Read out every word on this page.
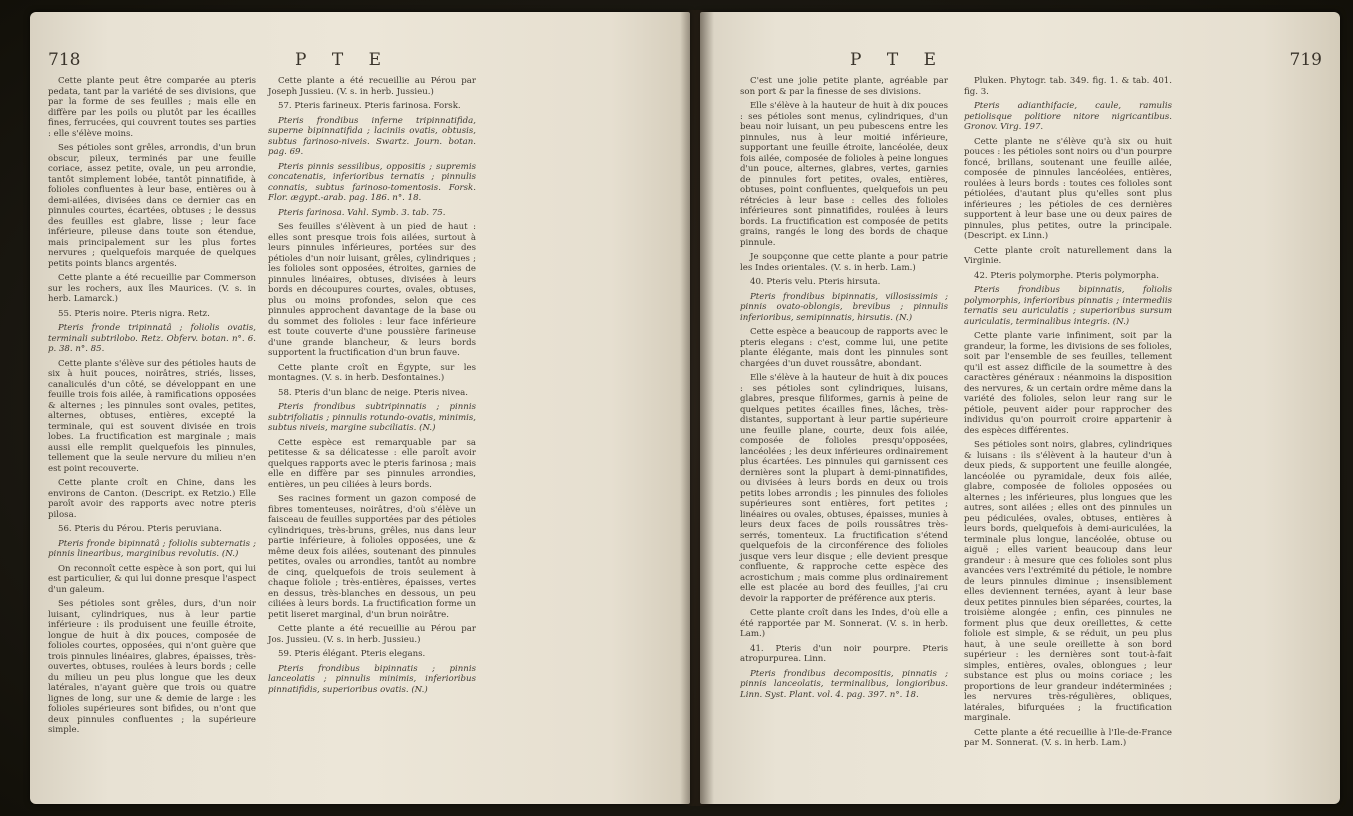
718	P T E

Cette plante peut être comparée au pteris pedata, tant par la variété de ses divisions, que par la forme de ses feuilles ; mais elle en diffère par les poils ou plutôt par les écailles fines, ferrucées, qui couvrent toutes ses parties : elle s'élève moins.

Ses pétioles sont grêles, arrondis, d'un brun obscur, pileux, terminés par une feuille coriace, assez petite, ovale, un peu arrondie, tantôt simplement lobée, tantôt pinnatifide, à folioles confluentes à leur base, entières ou à demi-ailées, divisées dans ce dernier cas en pinnules courtes, écartées, obtuses ; le dessus des feuilles est glabre, lisse ; leur face inférieure, pileuse dans toute son étendue, mais principalement sur les plus fortes nervures ; quelquefois marquée de quelques petits points blancs argentés.

Cette plante a été recueillie par Commerson sur les rochers, aux îles Maurices. (V. s. in herb. Lamarck.)

55. Pteris noire. Pteris nigra. Retz.

Pteris fronde tripinnatâ ; foliolis ovatis, terminali subtrilobo. Retz. Obferv. botan. n°. 6. p. 38. n°. 85.

Cette plante s'élève sur des pétioles hauts de six à huit pouces, noirâtres, striés, lisses, canaliculés d'un côté, se développant en une feuille trois fois ailée, à ramifications opposées & alternes ; les pinnules sont ovales, petites, alternes, obtuses, entières, excepté la terminale, qui est souvent divisée en trois lobes. La fructification est marginale ; mais aussi elle remplit quelquefois les pinnules, tellement que la seule nervure du milieu n'en est point recouverte.

Cette plante croît en Chine, dans les environs de Canton. (Descript. ex Retzio.) Elle paroît avoir des rapports avec notre pteris pilosa.

56. Pteris du Pérou. Pteris peruviana.

Pteris fronde bipinnatâ ; foliolis subternatis ; pinnis linearibus, marginibus revolutis. (N.)

On reconnoît cette espèce à son port, qui lui est particulier, & qui lui donne presque l'aspect d'un galeum.

Ses pétioles sont grêles, durs, d'un noir luisant, cylindriques, nus à leur partie inférieure : ils produisent une feuille étroite, longue de huit à dix pouces, composée de folioles courtes, opposées, qui n'ont guère que trois pinnules linéaires, glabres, épaisses, très-ouvertes, obtuses, roulées à leurs bords ; celle du milieu un peu plus longue que les deux latérales, n'ayant guère que trois ou quatre lignes de long, sur une & demie de large : les folioles supérieures sont bifides, ou n'ont que deux pinnules confluentes ; la supérieure simple.

Cette plante a été recueillie au Pérou par Joseph Jussieu. (V. s. in herb. Jussieu.)

57. Pteris farineux. Pteris farinosa. Forsk.

Pteris frondibus inferne tripinnatifida, superne bipinnatifida ; laciniis ovatis, obtusis, subtus farinoso-niveis. Swartz. Journ. botan. pag. 69.

Pteris pinnis sessilibus, oppositis ; supremis concatenatis, inferioribus ternatis ; pinnulis connatis, subtus farinoso-tomentosis. Forsk. Flor. ægypt.-arab. pag. 186. n°. 18.

Pteris farinosa. Vahl. Symb. 3. tab. 75.

Ses feuilles s'élèvent à un pied de haut : elles sont presque trois fois ailées, surtout à leurs pinnules inférieures, portées sur des pétioles d'un noir luisant, grêles, cylindriques ; les folioles sont opposées, étroites, garnies de pinnules linéaires, obtuses, divisées à leurs bords en découpures courtes, ovales, obtuses, plus ou moins profondes, selon que ces pinnules approchent davantage de la base ou du sommet des folioles : leur face inférieure est toute couverte d'une poussière farineuse d'une grande blancheur, & leurs bords supportent la fructification d'un brun fauve.

Cette plante croît en Égypte, sur les montagnes. (V. s. in herb. Desfontaines.)

58. Pteris d'un blanc de neige. Pteris nivea.

Pteris frondibus subtripinnatis ; pinnis subtrifoliatis ; pinnulis rotundo-ovatis, minimis, subtus niveis, margine subciliatis. (N.)

Cette espèce est remarquable par sa petitesse & sa délicatesse : elle paroît avoir quelques rapports avec le pteris farinosa ; mais elle en diffère par ses pinnules arrondies, entières, un peu ciliées à leurs bords.

Ses racines forment un gazon composé de fibres tomenteuses, noirâtres, d'où s'élève un faisceau de feuilles supportées par des pétioles cylindriques, très-bruns, grêles, nus dans leur partie inférieure, à folioles opposées, une & même deux fois ailées, soutenant des pinnules petites, ovales ou arrondies, tantôt au nombre de cinq, quelquefois de trois seulement à chaque foliole ; très-entières, épaisses, vertes en dessus, très-blanches en dessous, un peu ciliées à leurs bords. La fructification forme un petit liseret marginal, d'un brun noirâtre.

Cette plante a été recueillie au Pérou par Jos. Jussieu. (V. s. in herb. Jussieu.)

59. Pteris élégant. Pteris elegans.

Pteris frondibus bipinnatis ; pinnis lanceolatis ; pinnulis minimis, inferioribus pinnatifidis, superioribus ovatis. (N.)

P T E	719

C'est une jolie petite plante, agréable par son port & par la finesse de ses divisions.

Elle s'élève à la hauteur de huit à dix pouces : ses pétioles sont menus, cylindriques, d'un beau noir luisant, un peu pubescens entre les pinnules, nus à leur moitié inférieure, supportant une feuille étroite, lancéolée, deux fois ailée, composée de folioles à peine longues d'un pouce, alternes, glabres, vertes, garnies de pinnules fort petites, ovales, entières, obtuses, point confluentes, quelquefois un peu rétrécies à leur base : celles des folioles inférieures sont pinnatifides, roulées à leurs bords. La fructification est composée de petits grains, rangés le long des bords de chaque pinnule.

Je soupçonne que cette plante a pour patrie les Indes orientales. (V. s. in herb. Lam.)

40. Pteris velu. Pteris hirsuta.

Pteris frondibus bipinnatis, villosissimis ; pinnis ovato-oblongis, brevibus ; pinnulis inferioribus, semipinnatis, hirsutis. (N.)

Cette espèce a beaucoup de rapports avec le pteris elegans : c'est, comme lui, une petite plante élégante, mais dont les pinnules sont chargées d'un duvet roussâtre, abondant.

Elle s'élève à la hauteur de huit à dix pouces : ses pétioles sont cylindriques, luisans, glabres, presque filiformes, garnis à peine de quelques petites écailles fines, lâches, très-distantes, supportant à leur partie supérieure une feuille plane, courte, deux fois ailée, composée de folioles presqu'opposées, lancéolées ; les deux inférieures ordinairement plus écartées. Les pinnules qui garnissent ces dernières sont la plupart à demi-pinnatifides, ou divisées à leurs bords en deux ou trois petits lobes arrondis ; les pinnules des folioles supérieures sont entières, fort petites ; linéaires ou ovales, obtuses, épaisses, munies à leurs deux faces de poils roussâtres très-serrés, tomenteux. La fructification s'étend quelquefois de la circonférence des folioles jusque vers leur disque ; elle devient presque confluente, & rapproche cette espèce des acrostichum ; mais comme plus ordinairement elle est placée au bord des feuilles, j'ai cru devoir la rapporter de préférence aux pteris.

Cette plante croît dans les Indes, d'où elle a été rapportée par M. Sonnerat. (V. s. in herb. Lam.)

41. Pteris d'un noir pourpre. Pteris atropurpurea. Linn.

Pteris frondibus decompositis, pinnatis ; pinnis lanceolatis, terminalibus, longioribus. Linn. Syst. Plant. vol. 4. pag. 397. n°. 18.

Pluken. Phytogr. tab. 349. fig. 1. & tab. 401. fig. 3.

Pteris adianthifacie, caule, ramulis petiolisque politiore nitore nigricantibus. Gronov. Virg. 197.

Cette plante ne s'élève qu'à six ou huit pouces : les pétioles sont noirs ou d'un pourpre foncé, brillans, soutenant une feuille ailée, composée de pinnules lancéolées, entières, roulées à leurs bords : toutes ces folioles sont pétiolées, d'autant plus qu'elles sont plus inférieures ; les pétioles de ces dernières supportent à leur base une ou deux paires de pinnules, plus petites, outre la principale. (Descript. ex Linn.)

Cette plante croît naturellement dans la Virginie.

42. Pteris polymorphe. Pteris polymorpha.

Pteris frondibus bipinnatis, foliolis polymorphis, inferioribus pinnatis ; intermediis ternatis seu auriculatis ; superioribus sursum auriculatis, terminalibus integris. (N.)

Cette plante varie infiniment, soit par la grandeur, la forme, les divisions de ses folioles, soit par l'ensemble de ses feuilles, tellement qu'il est assez difficile de la soumettre à des caractères généraux : néanmoins la disposition des nervures, & un certain ordre même dans la variété des folioles, selon leur rang sur le pétiole, peuvent aider pour rapprocher des individus qu'on pourroit croire appartenir à des espèces différentes.

Ses pétioles sont noirs, glabres, cylindriques & luisans : ils s'élèvent à la hauteur d'un à deux pieds, & supportent une feuille alongée, lancéolée ou pyramidale, deux fois ailée, glabre, composée de folioles opposées ou alternes ; les inférieures, plus longues que les autres, sont ailées ; elles ont des pinnules un peu pédiculées, ovales, obtuses, entières à leurs bords, quelquefois à demi-auriculées, la terminale plus longue, lancéolée, obtuse ou aiguë ; elles varient beaucoup dans leur grandeur : à mesure que ces folioles sont plus avancées vers l'extrémité du pétiole, le nombre de leurs pinnules diminue ; insensiblement elles deviennent ternées, ayant à leur base deux petites pinnules bien séparées, courtes, la troisième alongée ; enfin, ces pinnules ne forment plus que deux oreillettes, & cette foliole est simple, & se réduit, un peu plus haut, à une seule oreillette à son bord supérieur : les dernières sont tout-à-fait simples, entières, ovales, oblongues ; leur substance est plus ou moins coriace ; les proportions de leur grandeur indéterminées ; les nervures très-régulières, obliques, latérales, bifurquées ; la fructification marginale.

Cette plante a été recueillie à l'Ile-de-France par M. Sonnerat. (V. s. in herb. Lam.)
